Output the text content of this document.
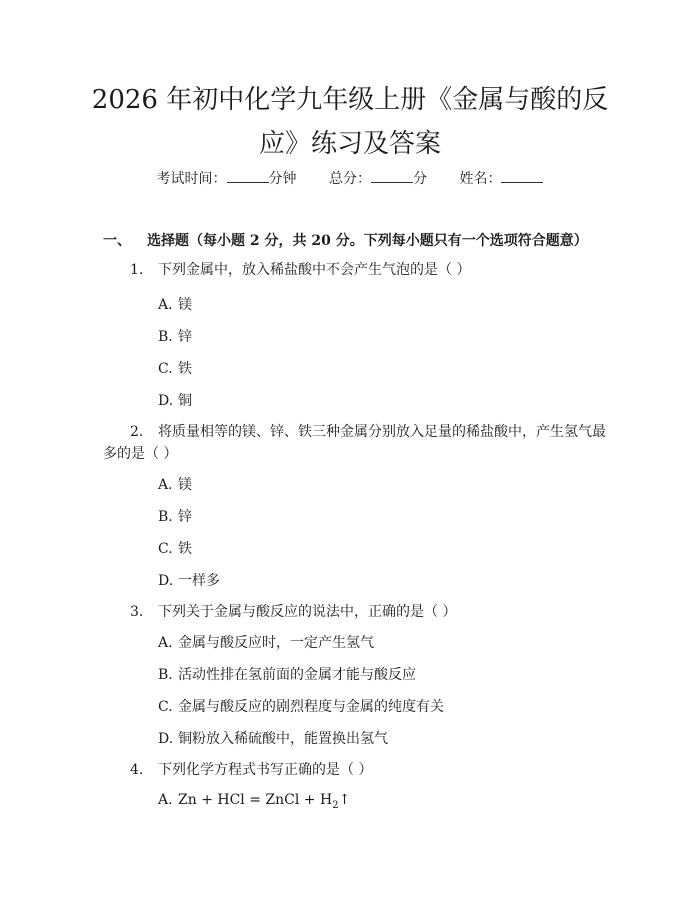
2026 年初中化学九年级上册《金属与酸的反
应》练习及答案
考试时间：	分钟 总分：	分 姓名：
一、 选择题（每小题 2 分，共 20 分。下列每小题只有一个选项符合题意）
1. 下列金属中，放入稀盐酸中不会产生气泡的是（ ）
A. 镁
B. 锌
C. 铁
D. 铜
2. 将质量相等的镁、锌、铁三种金属分别放入足量的稀盐酸中，产生氢气最
多的是（ ）
A. 镁
B. 锌
C. 铁
D. 一样多
3. 下列关于金属与酸反应的说法中，正确的是（ ）
A. 金属与酸反应时，一定产生氢气
B. 活动性排在氢前面的金属才能与酸反应
C. 金属与酸反应的剧烈程度与金属的纯度有关
D. 铜粉放入稀硫酸中，能置换出氢气
4. 下列化学方程式书写正确的是（ ）
A. Zn + HCl = ZnCl + $H_2↑$
